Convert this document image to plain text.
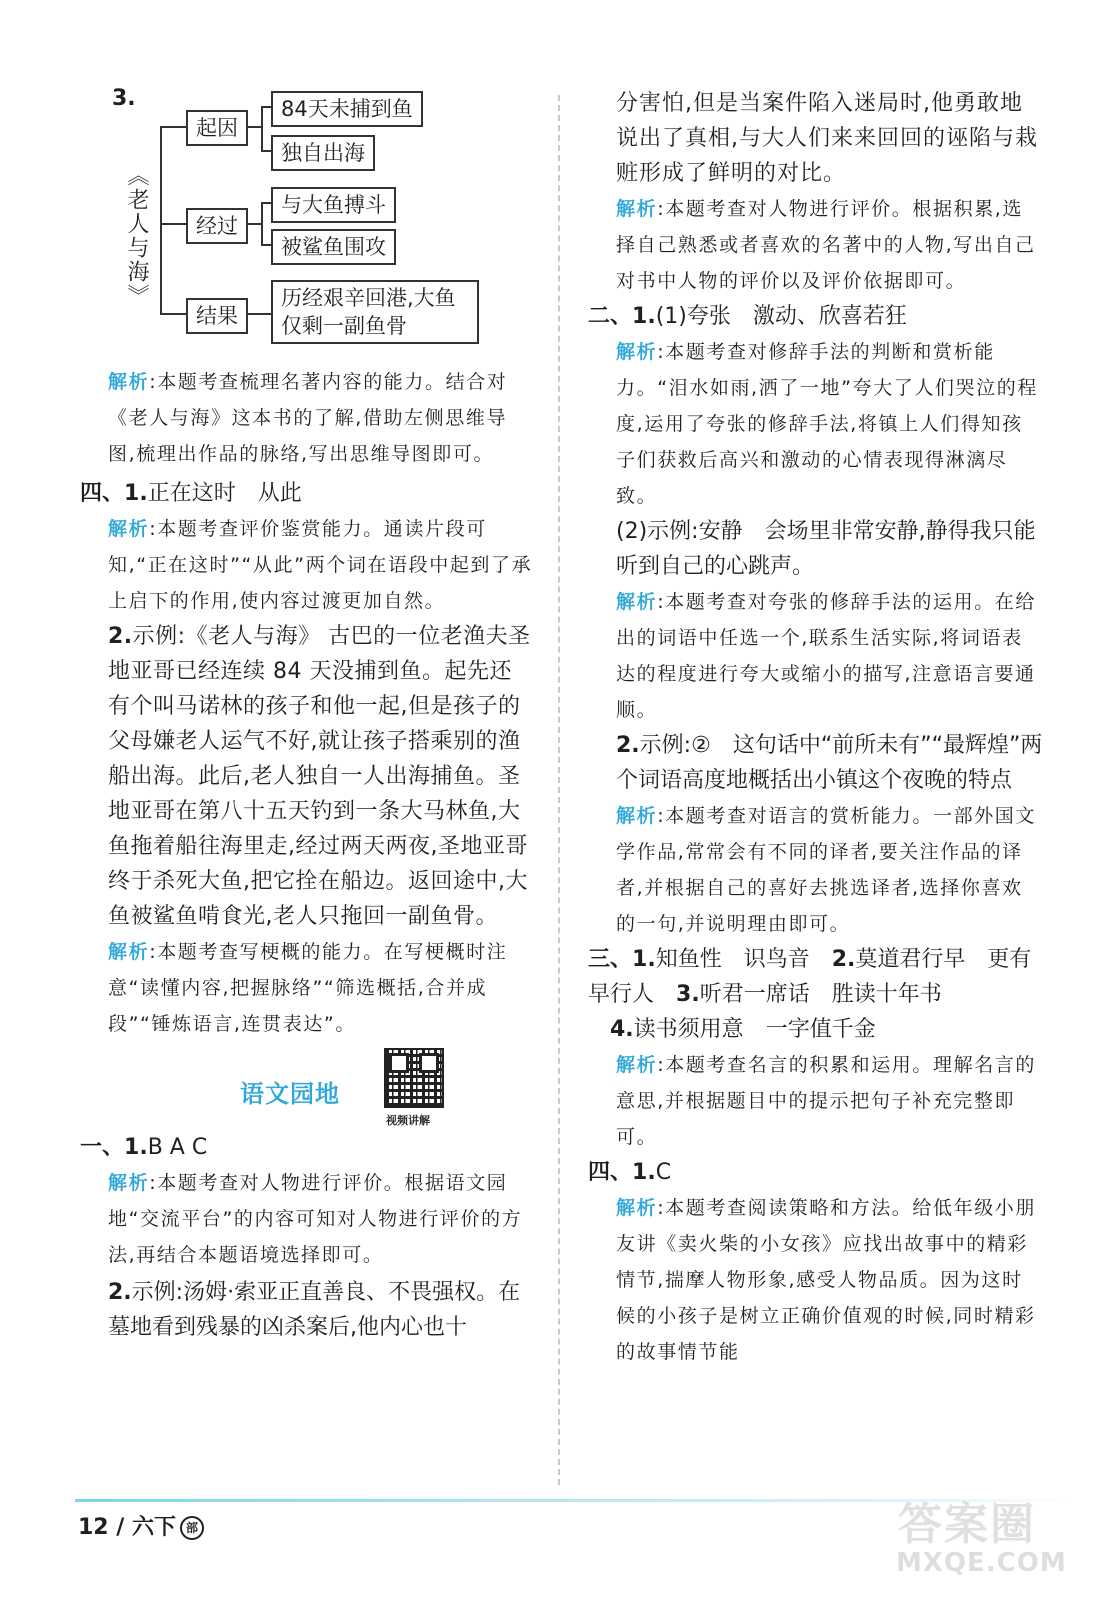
3.
《老人与海》
起因
84天未捕到鱼
独自出海
经过
与大鱼搏斗
被鲨鱼围攻
结果
历经艰辛回港,大鱼
仅剩一副鱼骨

解析:本题考查梳理名著内容的能力。结合对《老人与海》这本书的了解,借助左侧思维导图,梳理出作品的脉络,写出思维导图即可。

四、1.正在这时 从此

解析:本题考查评价鉴赏能力。通读片段可知,“正在这时”“从此”两个词在语段中起到了承上启下的作用,使内容过渡更加自然。

2.示例:《老人与海》 古巴的一位老渔夫圣地亚哥已经连续 84 天没捕到鱼。起先还有个叫马诺林的孩子和他一起,但是孩子的父母嫌老人运气不好,就让孩子搭乘别的渔船出海。此后,老人独自一人出海捕鱼。圣地亚哥在第八十五天钓到一条大马林鱼,大鱼拖着船往海里走,经过两天两夜,圣地亚哥终于杀死大鱼,把它拴在船边。返回途中,大鱼被鲨鱼啃食光,老人只拖回一副鱼骨。

解析:本题考查写梗概的能力。在写梗概时注意“读懂内容,把握脉络”“筛选概括,合并成段”“锤炼语言,连贯表达”。

语文园地
视频讲解

一、1.B A C

解析:本题考查对人物进行评价。根据语文园地“交流平台”的内容可知对人物进行评价的方法,再结合本题语境选择即可。

2.示例:汤姆·索亚正直善良、不畏强权。在墓地看到残暴的凶杀案后,他内心也十

分害怕,但是当案件陷入迷局时,他勇敢地说出了真相,与大人们来来回回的诬陷与栽赃形成了鲜明的对比。

解析:本题考查对人物进行评价。根据积累,选择自己熟悉或者喜欢的名著中的人物,写出自己对书中人物的评价以及评价依据即可。

二、1.(1)夸张 激动、欣喜若狂

解析:本题考查对修辞手法的判断和赏析能力。“泪水如雨,洒了一地”夸大了人们哭泣的程度,运用了夸张的修辞手法,将镇上人们得知孩子们获救后高兴和激动的心情表现得淋漓尽致。

(2)示例:安静 会场里非常安静,静得我只能听到自己的心跳声。

解析:本题考查对夸张的修辞手法的运用。在给出的词语中任选一个,联系生活实际,将词语表达的程度进行夸大或缩小的描写,注意语言要通顺。

2.示例:② 这句话中“前所未有”“最辉煌”两个词语高度地概括出小镇这个夜晚的特点

解析:本题考查对语言的赏析能力。一部外国文学作品,常常会有不同的译者,要关注作品的译者,并根据自己的喜好去挑选译者,选择你喜欢的一句,并说明理由即可。

三、1.知鱼性 识鸟音 2.莫道君行早 更有早行人 3.听君一席话 胜读十年书
4.读书须用意 一字值千金

解析:本题考查名言的积累和运用。理解名言的意思,并根据题目中的提示把句子补充完整即可。

四、1.C

解析:本题考查阅读策略和方法。给低年级小朋友讲《卖火柴的小女孩》应找出故事中的精彩情节,揣摩人物形象,感受人物品质。因为这时候的小孩子是树立正确价值观的时候,同时精彩的故事情节能

12 / 六下 部	答案圈
MXQE.COM
